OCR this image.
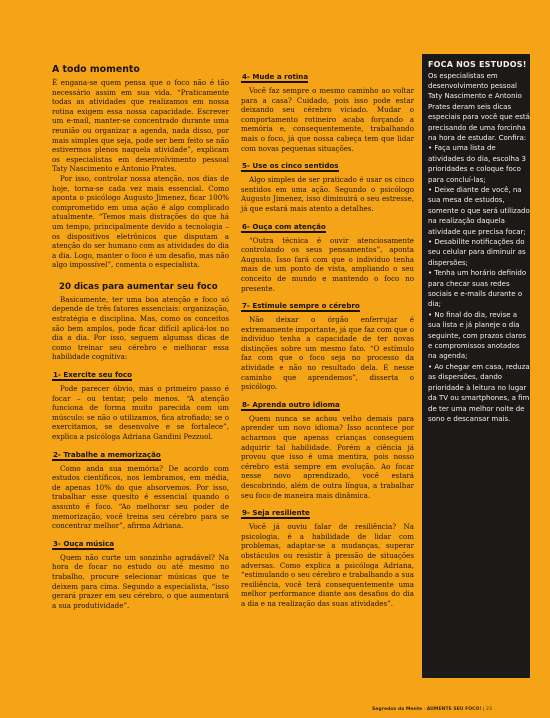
A todo momento

É engana-se quem pensa que o foco não é tão necessário assim em sua vida. “Praticamente todas as atividades que realizamos em nossa rotina exigem essa nossa capacidade. Escrever um e-mail, manter-se concentrado durante uma reunião ou organizar a agenda, nada disso, por mais simples que seja, pode ser bem feito se não estivermos plenos naquela atividade”, explicam os especialistas em desenvolvimento pessoal Taty Nascimento e Antonio Prates.

Por isso, controlar nossa atenção, nos dias de hoje, torna-se cada vez mais essencial. Como aponta o psicólogo Augusto Jimenez, ficar 100% comprometido em uma ação é algo complicado atualmente. “Temos mais distrações do que há um tempo, principalmente devido a tecnologia – os dispositivos eletrônicos que disputam a atenção do ser humano com as atividades do dia a dia. Logo, manter o foco é um desafio, mas não algo impossível”, comenta o especialista.

20 dicas para aumentar seu foco

Basicamente, ter uma boa atenção e foco só depende de três fatores essenciais: organização, estratégia e disciplina. Mas, como os conceitos são bem amplos, pode ficar difícil aplicá-los no dia a dia. Por isso, seguem algumas dicas de como treinar seu cérebro e melhorar essa habilidade cognitiva:

1- Exercite seu foco

Pode parecer óbvio, mas o primeiro passo é focar – ou tentar, pelo menos. “A atenção funciona de forma muito parecida com um músculo: se não o utilizamos, fica atrofiado; se o exercitamos, se desenvolve e se fortalece”, explica a psicóloga Adriana Gandini Pezzuol.

2- Trabalhe a memorização

Como anda sua memória? De acordo com estudos científicos, nos lembramos, em média, de apenas 10% do que absorvemos. Por isso, trabalhar esse quesito é essencial quando o assunto é foco. “Ao melhorar seu poder de memorização, você treina seu cérebro para se concentrar melhor”, afirma Adriana.

3- Ouça música

Quem não curte um sonzinho agradável? Na hora de focar no estudo ou até mesmo no trabalho, procure selecionar músicas que te deixem para cima. Segundo a especialista, “isso gerará prazer em seu cérebro, o que aumentará a sua produtividade”.

4- Mude a rotina

Você faz sempre o mesmo caminho ao voltar para a casa? Cuidado, pois isso pode estar deixando seu cérebro viciado. Mudar o comportamento rotineiro acaba forçando a memória e, consequentemente, trabalhando mais o foco, já que nossa cabeça tem que lidar com novas pequenas situações.

5- Use os cinco sentidos

Algo simples de ser praticado é usar os cinco sentidos em uma ação. Segundo o psicólogo Augusto Jimenez, isso diminuirá o seu estresse, já que estará mais atento a detalhes.

6- Ouça com atenção

“Outra técnica é ouvir atenciosamente controlando os seus pensamentos”, aponta Augusto. Isso fará com que o indivíduo tenha mais de um ponto de vista, ampliando o seu conceito de mundo e mantendo o foco no presente.

7- Estimule sempre o cérebro

Não deixar o órgão enferrujar é extremamente importante, já que faz com que o indivíduo tenha a capacidade de ter novas distinções sobre um mesmo fato. “O estímulo faz com que o foco seja no processo da atividade e não no resultado dela. E nesse caminho que aprendemos”, disserta o psicólogo.

8- Aprenda outro idioma

Quem nunca se achou velho demais para aprender um novo idioma? Isso acontece por acharmos que apenas crianças conseguem adquirir tal habilidade. Porém a ciência já provou que isso é uma mentira, pois nosso cérebro está sempre em evolução. Ao focar nesse novo aprendizado, você estará descobrindo, além de outra língua, a trabalhar seu foco de maneira mais dinâmica.

9- Seja resiliente

Você já ouviu falar de resiliência? Na psicologia, é a habilidade de lidar com problemas, adaptar-se a mudanças, superar obstáculos ou resistir à pressão de situações adversas. Como explica a psicóloga Adriana, “estimulando o seu cérebro e trabalhando a sua resiliência, você terá consequentemente uma melhor performance diante aos desafios do dia a dia e na realização das suas atividades”.

FOCA NOS ESTUDOS!

Os especialistas em desenvolvimento pessoal Taty Nascimento e Antonio Prates deram seis dicas especiais para você que está precisando de uma forcinha na hora de estudar. Confira:

• Faça uma lista de atividades do dia, escolha 3 prioridades e coloque foco para concluí-las;

• Deixe diante de você, na sua mesa de estudos, somente o que será utilizado na realização daquela atividade que precisa focar;

• Desabilite notificações do seu celular para diminuir as dispersões;

• Tenha um horário definido para checar suas redes sociais e e-mails durante o dia;

• No final do dia, revise a sua lista e já planeje o dia seguinte, com prazos claros e compromissos anotados na agenda;

• Ao chegar em casa, reduza as dispersões, dando prioridade à leitura no lugar da TV ou smartphones, a fim de ter uma melhor noite de sono e descansar mais.

Segredos da Mente - AUMENTE SEU FOCO! | 23
